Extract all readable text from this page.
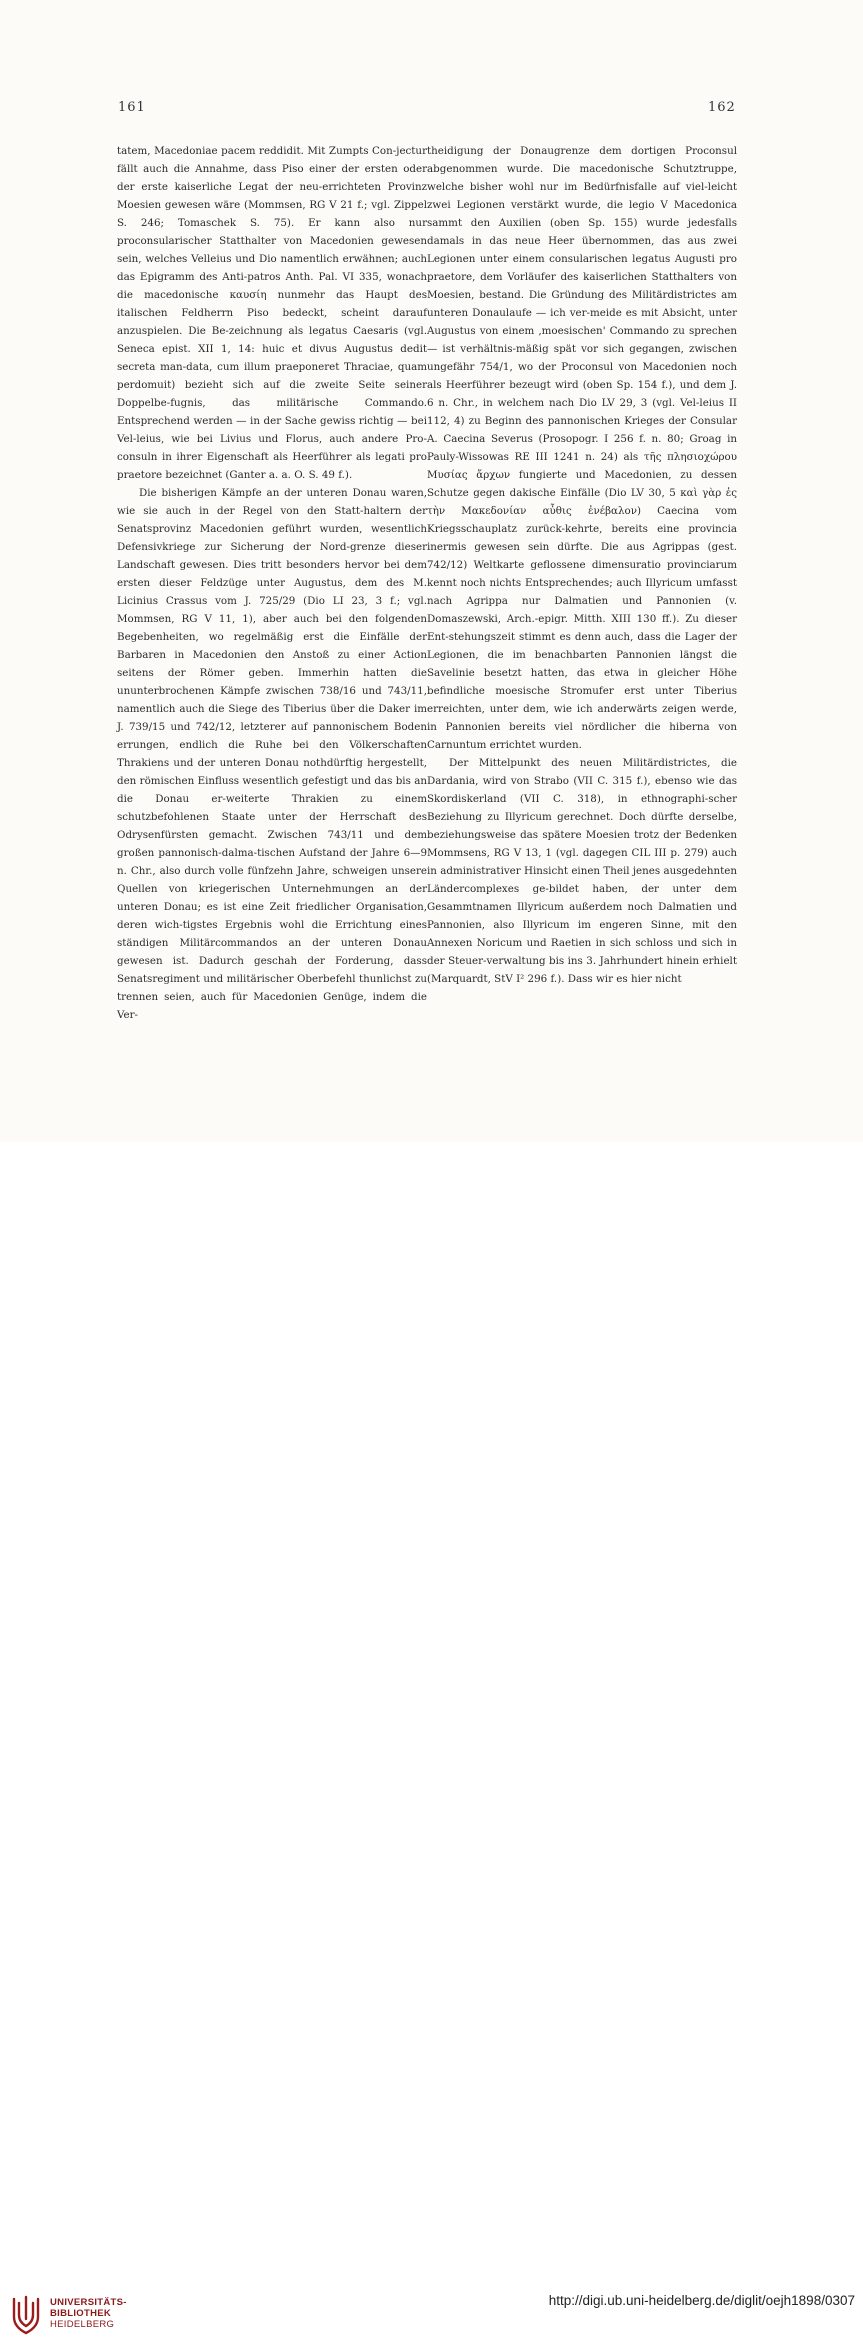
161	162

tatem, Macedoniae pacem reddidit. Mit Zumpts Con-jectur fällt auch die Annahme, dass Piso einer der ersten oder der erste kaiserliche Legat der neu-errichteten Provinz Moesien gewesen wäre (Mommsen, RG V 21 f.; vgl. Zippel S. 246; Tomaschek S. 75). Er kann also nur proconsularischer Statthalter von Macedonien gewesen sein, welches Velleius und Dio namentlich erwähnen; auch das Epigramm des Anti-patros Anth. Pal. VI 335, wonach die macedonische καυσίη nunmehr das Haupt des italischen Feldherrn Piso bedeckt, scheint darauf anzuspielen. Die Be-zeichnung als legatus Caesaris (vgl. Seneca epist. XII 1, 14: huic et divus Augustus dedit secreta man-data, cum illum praeponeret Thraciae, quam perdomuit) bezieht sich auf die zweite Seite seiner Doppelbe-fugnis, das militärische Commando. Entsprechend werden — in der Sache gewiss richtig — bei Vel-leius, wie bei Livius und Florus, auch andere Pro-consuln in ihrer Eigenschaft als Heerführer als legati pro praetore bezeichnet (Ganter a. a. O. S. 49 f.).

Die bisherigen Kämpfe an der unteren Donau waren, wie sie auch in der Regel von den Statt-haltern der Senatsprovinz Macedonien geführt wurden, wesentlich Defensivkriege zur Sicherung der Nord-grenze dieser Landschaft gewesen. Dies tritt besonders hervor bei dem ersten dieser Feldzüge unter Augustus, dem des M. Licinius Crassus vom J. 725/29 (Dio LI 23, 3 f.; vgl. Mommsen, RG V 11, 1), aber auch bei den folgenden Begebenheiten, wo regelmäßig erst die Einfälle der Barbaren in Macedonien den Anstoß zu einer Action seitens der Römer geben. Immerhin hatten die ununterbrochenen Kämpfe zwischen 738/16 und 743/11, namentlich auch die Siege des Tiberius über die Daker im J. 739/15 und 742/12, letzterer auf pannonischem Boden errungen, endlich die Ruhe bei den Völkerschaften Thrakiens und der unteren Donau nothdürftig hergestellt, den römischen Einfluss wesentlich gefestigt und das bis an die Donau er-weiterte Thrakien zu einem schutzbefohlenen Staate unter der Herrschaft des Odrysenfürsten gemacht. Zwischen 743/11 und dem großen pannonisch-dalma-tischen Aufstand der Jahre 6—9 n. Chr., also durch volle fünfzehn Jahre, schweigen unsere Quellen von kriegerischen Unternehmungen an der unteren Donau; es ist eine Zeit friedlicher Organisation, deren wich-tigstes Ergebnis wohl die Errichtung eines ständigen Militärcommandos an der unteren Donau gewesen ist. Dadurch geschah der Forderung, dass Senatsregiment und militärischer Oberbefehl thunlichst zu trennen seien, auch für Macedonien Genüge, indem die Ver-

theidigung der Donaugrenze dem dortigen Proconsul abgenommen wurde. Die macedonische Schutztruppe, welche bisher wohl nur im Bedürfnisfalle auf viel-leicht zwei Legionen verstärkt wurde, die legio V Macedonica sammt den Auxilien (oben Sp. 155) wurde jedesfalls damals in das neue Heer übernommen, das aus zwei Legionen unter einem consularischen legatus Augusti pro praetore, dem Vorläufer des kaiserlichen Statthalters von Moesien, bestand. Die Gründung des Militärdistrictes am unteren Donaulaufe — ich ver-meide es mit Absicht, unter Augustus von einem ‚moesischen' Commando zu sprechen — ist verhältnis-mäßig spät vor sich gegangen, zwischen ungefähr 754/1, wo der Proconsul von Macedonien noch als Heerführer bezeugt wird (oben Sp. 154 f.), und dem J. 6 n. Chr., in welchem nach Dio LV 29, 3 (vgl. Vel-leius II 112, 4) zu Beginn des pannonischen Krieges der Consular A. Caecina Severus (Prosopogr. I 256 f. n. 80; Groag in Pauly-Wissowas RE III 1241 n. 24) als τῆς πλησιοχώρου Μυσίας ἄρχων fungierte und Macedonien, zu dessen Schutze gegen dakische Einfälle (Dio LV 30, 5 καὶ γὰρ ἐς τὴν Μακεδονίαν αὖθις ἐνέβαλον) Caecina vom Kriegsschauplatz zurück-kehrte, bereits eine provincia inermis gewesen sein dürfte. Die aus Agrippas (gest. 742/12) Weltkarte geflossene dimensuratio provinciarum kennt noch nichts Entsprechendes; auch Illyricum umfasst nach Agrippa nur Dalmatien und Pannonien (v. Domaszewski, Arch.-epigr. Mitth. XIII 130 ff.). Zu dieser Ent-stehungszeit stimmt es denn auch, dass die Lager der Legionen, die im benachbarten Pannonien längst die Savelinie besetzt hatten, das etwa in gleicher Höhe befindliche moesische Stromufer erst unter Tiberius erreichten, unter dem, wie ich anderwärts zeigen werde, in Pannonien bereits viel nördlicher die hiberna von Carnuntum errichtet wurden.

Der Mittelpunkt des neuen Militärdistrictes, die Dardania, wird von Strabo (VII C. 315 f.), ebenso wie das Skordiskerland (VII C. 318), in ethnographi-scher Beziehung zu Illyricum gerechnet. Doch dürfte derselbe, beziehungsweise das spätere Moesien trotz der Bedenken Mommsens, RG V 13, 1 (vgl. dagegen CIL III p. 279) auch in administrativer Hinsicht einen Theil jenes ausgedehnten Ländercomplexes ge-bildet haben, der unter dem Gesammtnamen Illyricum außerdem noch Dalmatien und Pannonien, also Illyricum im engeren Sinne, mit den Annexen Noricum und Raetien in sich schloss und sich in der Steuer-verwaltung bis ins 3. Jahrhundert hinein erhielt (Marquardt, StV I² 296 f.). Dass wir es hier nicht

UNIVERSITÄTS-
BIBLIOTHEK
HEIDELBERG
http://digi.ub.uni-heidelberg.de/diglit/oejh1898/0307
